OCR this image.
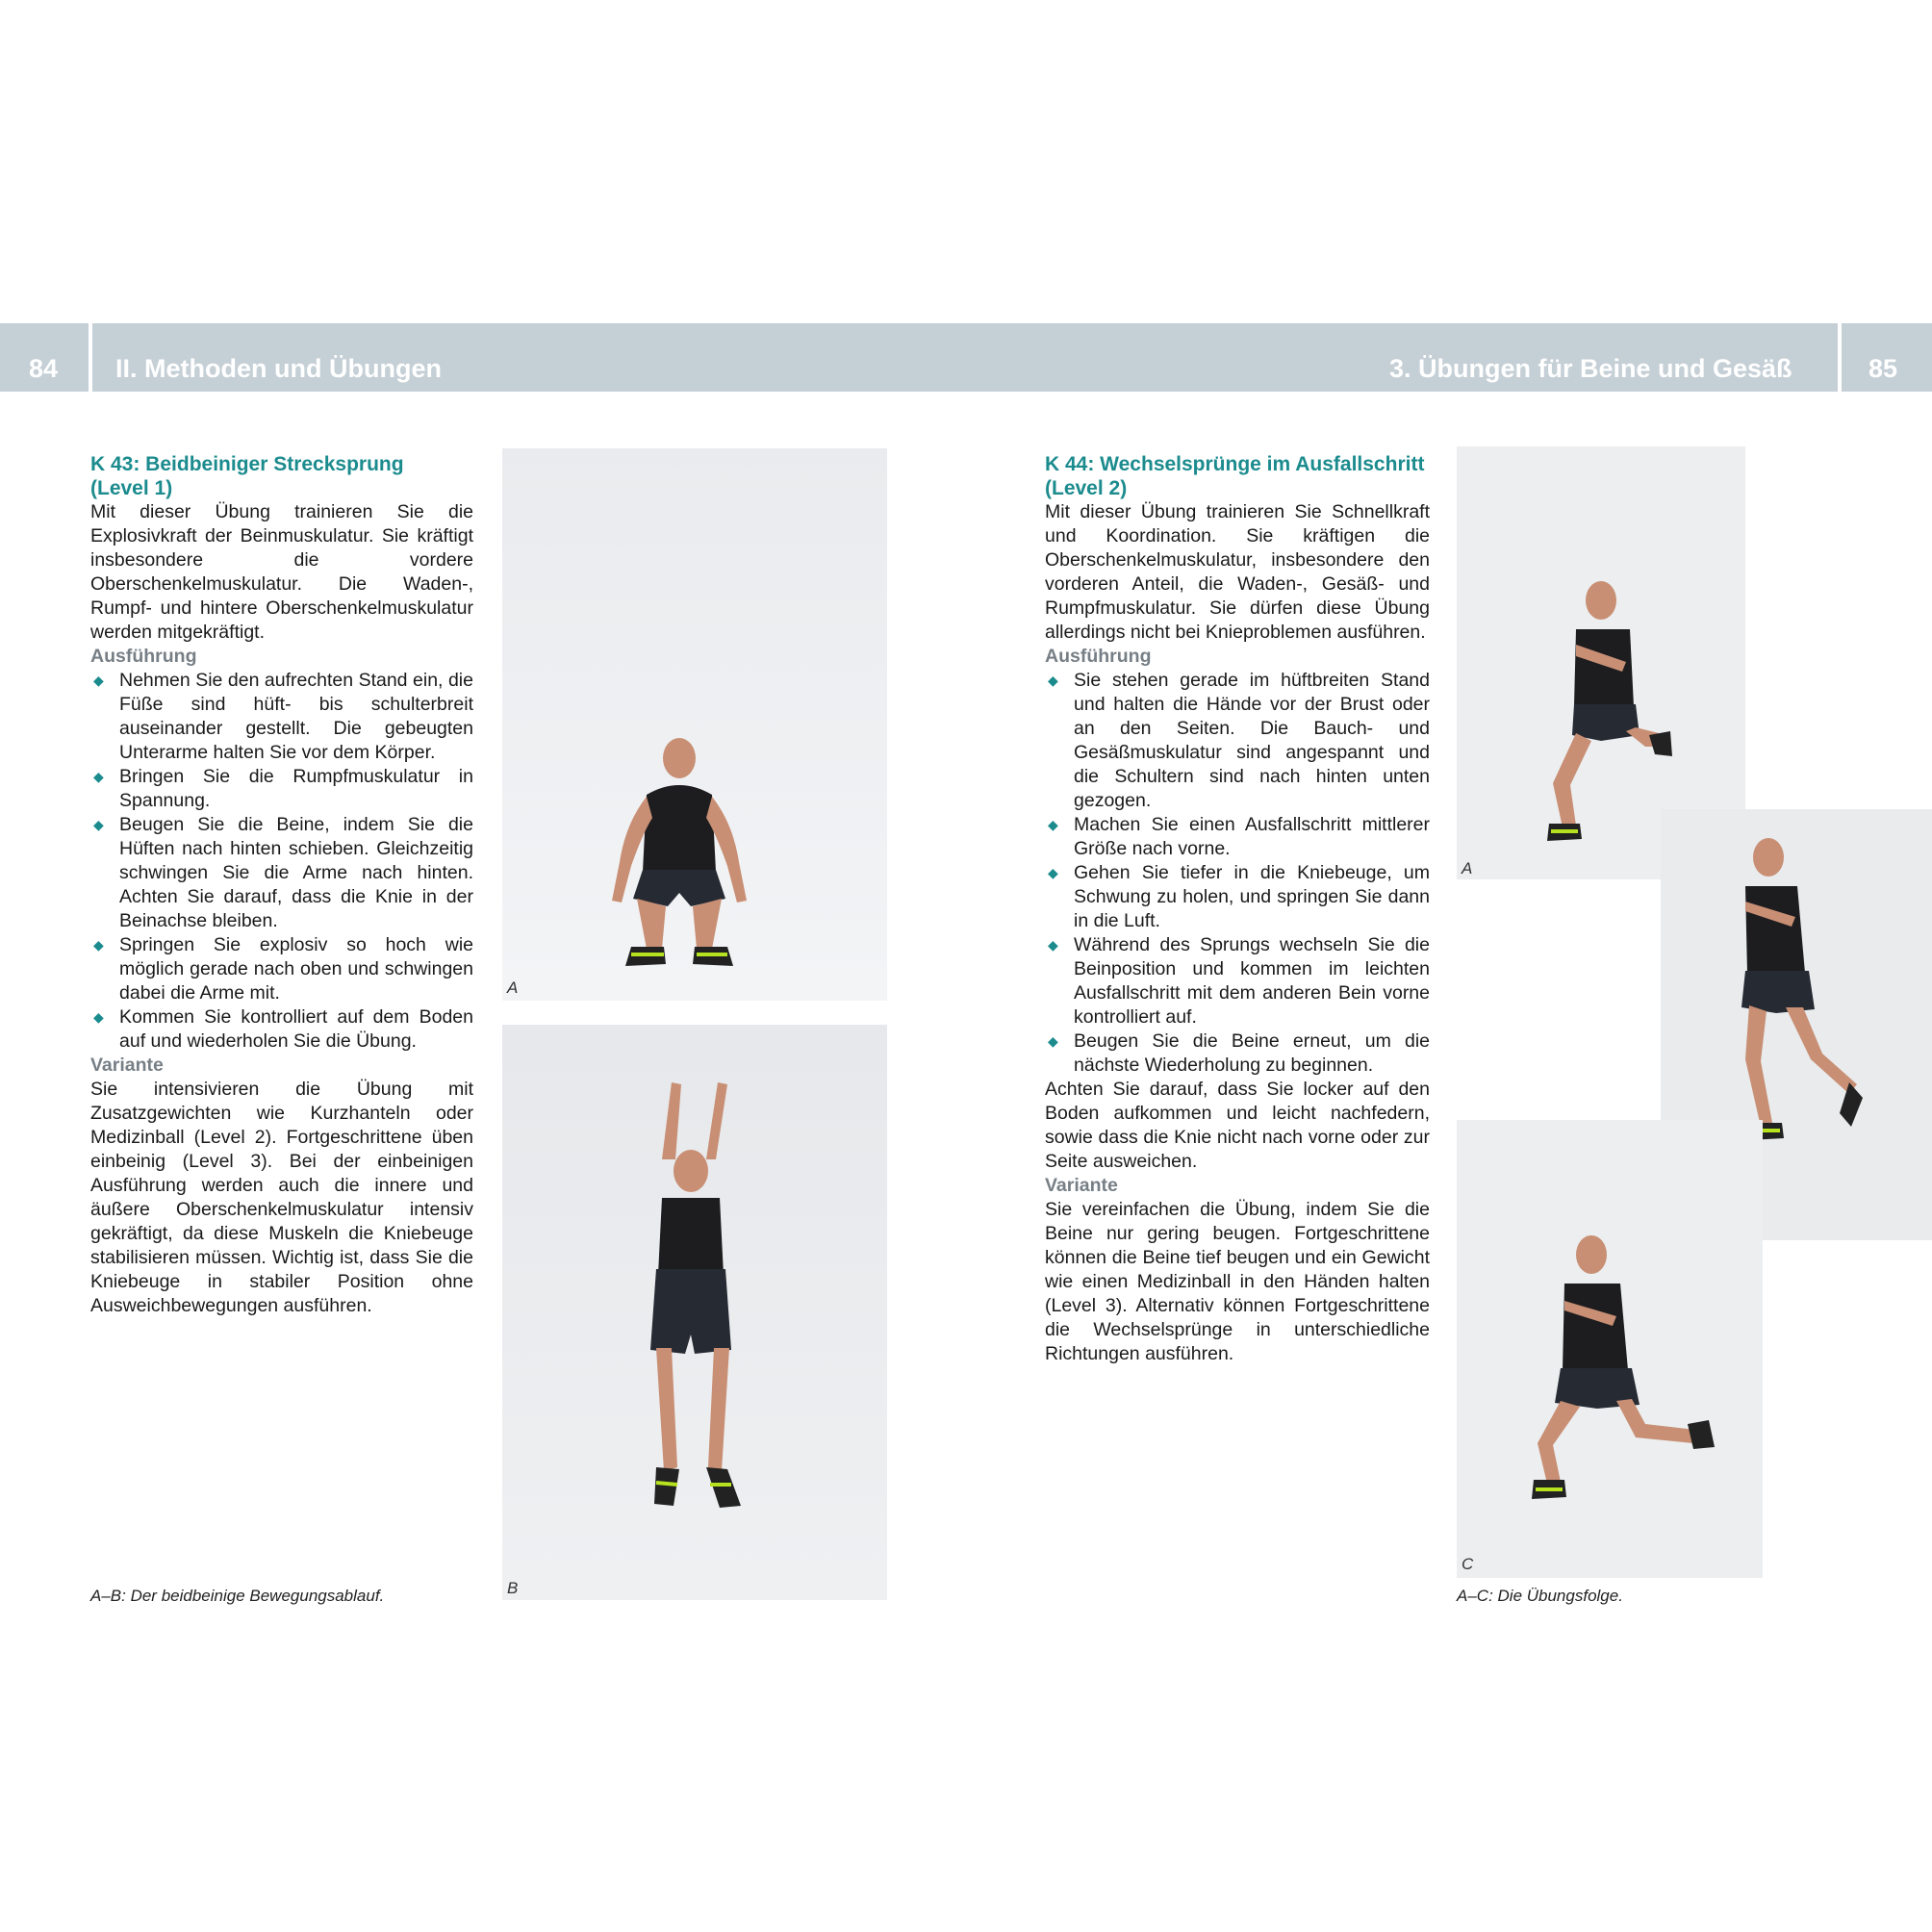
84 II. Methoden und Übungen	3. Übungen für Beine und Gesäß	85

K 43: Beidbeiniger Strecksprung

(Level 1)

Mit dieser Übung trainieren Sie die Explosivkraft der Beinmuskulatur. Sie kräftigt insbesondere die vordere Oberschenkelmuskulatur. Die Waden-, Rumpf- und hintere Oberschenkelmuskulatur werden mitgekräftigt.

Ausführung

◆ Nehmen Sie den aufrechten Stand ein, die Füße sind hüft- bis schulterbreit auseinander gestellt. Die gebeugten Unterarme halten Sie vor dem Körper.
◆ Bringen Sie die Rumpfmuskulatur in Spannung.
◆ Beugen Sie die Beine, indem Sie die Hüften nach hinten schieben. Gleichzeitig schwingen Sie die Arme nach hinten. Achten Sie darauf, dass die Knie in der Beinachse bleiben.
◆ Springen Sie explosiv so hoch wie möglich gerade nach oben und schwingen dabei die Arme mit.
◆ Kommen Sie kontrolliert auf dem Boden auf und wiederholen Sie die Übung.

Variante

Sie intensivieren die Übung mit Zusatzgewichten wie Kurzhanteln oder Medizinball (Level 2). Fortgeschrittene üben einbeinig (Level 3). Bei der einbeinigen Ausführung werden auch die innere und äußere Oberschenkelmuskulatur intensiv gekräftigt, da diese Muskeln die Kniebeuge stabilisieren müssen. Wichtig ist, dass Sie die Kniebeuge in stabiler Position ohne Ausweichbewegungen ausführen.

A
B
A–B: Der beidbeinige Bewegungsablauf.

K 44: Wechselsprünge im Ausfallschritt

(Level 2)

Mit dieser Übung trainieren Sie Schnellkraft und Koordination. Sie kräftigen die Oberschenkelmuskulatur, insbesondere den vorderen Anteil, die Waden-, Gesäß- und Rumpfmuskulatur. Sie dürfen diese Übung allerdings nicht bei Knieproblemen ausführen.

Ausführung

◆ Sie stehen gerade im hüftbreiten Stand und halten die Hände vor der Brust oder an den Seiten. Die Bauch- und Gesäßmuskulatur sind angespannt und die Schultern sind nach hinten unten gezogen.
◆ Machen Sie einen Ausfallschritt mittlerer Größe nach vorne.
◆ Gehen Sie tiefer in die Kniebeuge, um Schwung zu holen, und springen Sie dann in die Luft.
◆ Während des Sprungs wechseln Sie die Beinposition und kommen im leichten Ausfallschritt mit dem anderen Bein vorne kontrolliert auf.
◆ Beugen Sie die Beine erneut, um die nächste Wiederholung zu beginnen.

Achten Sie darauf, dass Sie locker auf den Boden aufkommen und leicht nachfedern, sowie dass die Knie nicht nach vorne oder zur Seite ausweichen.

Variante

Sie vereinfachen die Übung, indem Sie die Beine nur gering beugen. Fortgeschrittene können die Beine tief beugen und ein Gewicht wie einen Medizinball in den Händen halten (Level 3). Alternativ können Fortgeschrittene die Wechselsprünge in unterschiedliche Richtungen ausführen.

A
C
A–C: Die Übungsfolge.
